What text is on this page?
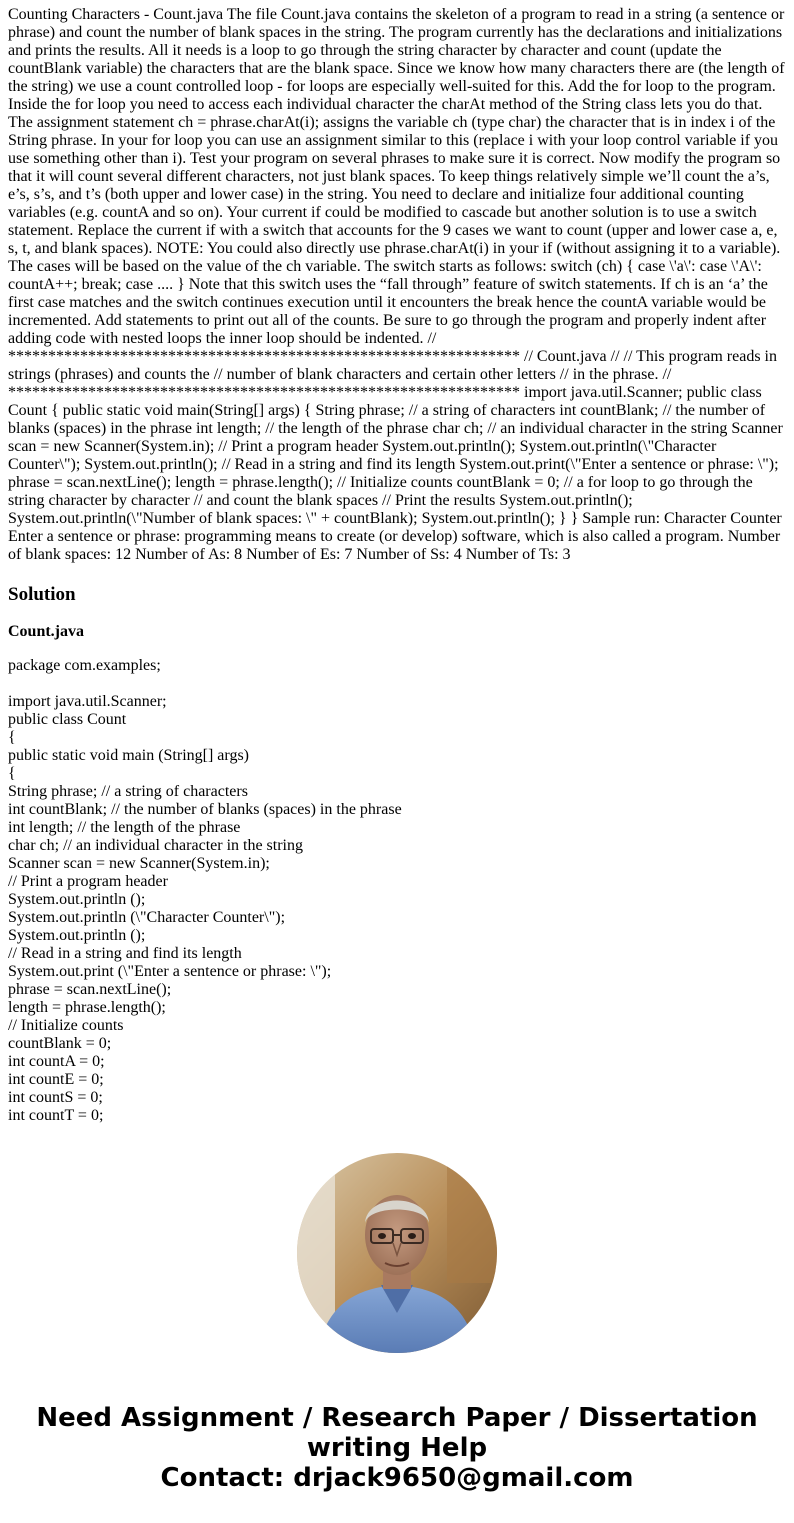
Counting Characters - Count.java The file Count.java contains the skeleton of a program to read in a string (a sentence or phrase) and count the number of blank spaces in the string. The program currently has the declarations and initializations and prints the results. All it needs is a loop to go through the string character by character and count (update the countBlank variable) the characters that are the blank space. Since we know how many characters there are (the length of the string) we use a count controlled loop - for loops are especially well-suited for this. Add the for loop to the program. Inside the for loop you need to access each individual character the charAt method of the String class lets you do that. The assignment statement ch = phrase.charAt(i); assigns the variable ch (type char) the character that is in index i of the String phrase. In your for loop you can use an assignment similar to this (replace i with your loop control variable if you use something other than i). Test your program on several phrases to make sure it is correct. Now modify the program so that it will count several different characters, not just blank spaces. To keep things relatively simple we’ll count the a’s, e’s, s’s, and t’s (both upper and lower case) in the string. You need to declare and initialize four additional counting variables (e.g. countA and so on). Your current if could be modified to cascade but another solution is to use a switch statement. Replace the current if with a switch that accounts for the 9 cases we want to count (upper and lower case a, e, s, t, and blank spaces). NOTE: You could also directly use phrase.charAt(i) in your if (without assigning it to a variable). The cases will be based on the value of the ch variable. The switch starts as follows: switch (ch) { case \'a\': case \'A\': countA++; break; case .... } Note that this switch uses the “fall through” feature of switch statements. If ch is an ‘a’ the first case matches and the switch continues execution until it encounters the break hence the countA variable would be incremented. Add statements to print out all of the counts. Be sure to go through the program and properly indent after adding code with nested loops the inner loop should be indented. // **************************************************************** // Count.java // // This program reads in strings (phrases) and counts the // number of blank characters and certain other letters // in the phrase. // **************************************************************** import java.util.Scanner; public class Count { public static void main(String[] args) { String phrase; // a string of characters int countBlank; // the number of blanks (spaces) in the phrase int length; // the length of the phrase char ch; // an individual character in the string Scanner scan = new Scanner(System.in); // Print a program header System.out.println(); System.out.println(\"Character Counter\"); System.out.println(); // Read in a string and find its length System.out.print(\"Enter a sentence or phrase: \"); phrase = scan.nextLine(); length = phrase.length(); // Initialize counts countBlank = 0; // a for loop to go through the string character by character // and count the blank spaces // Print the results System.out.println(); System.out.println(\"Number of blank spaces: \" + countBlank); System.out.println(); } } Sample run: Character Counter Enter a sentence or phrase: programming means to create (or develop) software, which is also called a program. Number of blank spaces: 12 Number of As: 8 Number of Es: 7 Number of Ss: 4 Number of Ts: 3

Solution
Count.java
package com.examples;
import java.util.Scanner;
public class Count
{
public static void main (String[] args)
{
String phrase; // a string of characters
int countBlank; // the number of blanks (spaces) in the phrase
int length; // the length of the phrase
char ch; // an individual character in the string
Scanner scan = new Scanner(System.in);
// Print a program header
System.out.println ();
System.out.println (\"Character Counter\");
System.out.println ();
// Read in a string and find its length
System.out.print (\"Enter a sentence or phrase: \");
phrase = scan.nextLine();
length = phrase.length();
// Initialize counts
countBlank = 0;
int countA = 0;
int countE = 0;
int countS = 0;
int countT = 0;
Need Assignment / Research Paper / Dissertation writing Help
Contact: drjack9650@gmail.com
